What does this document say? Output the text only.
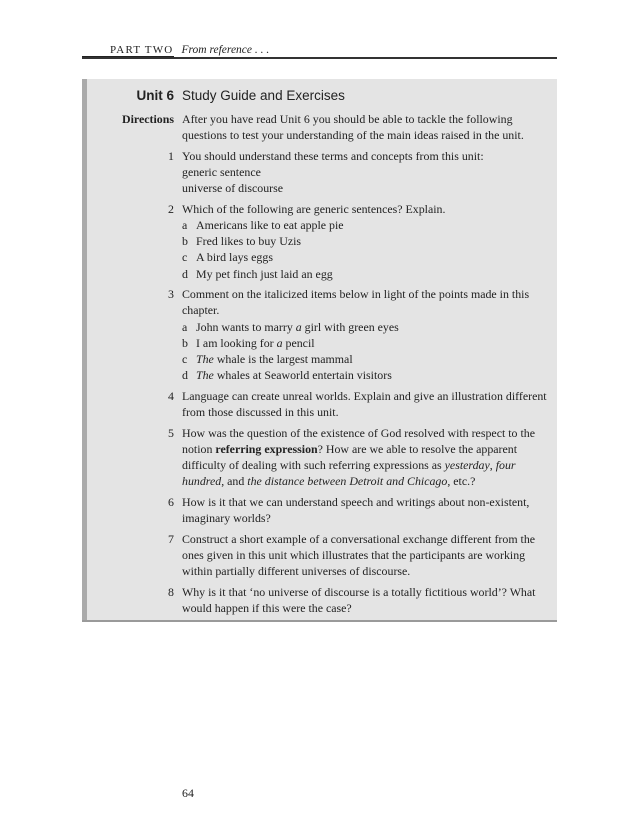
PART TWO From reference . . .
Unit 6 Study Guide and Exercises
Directions After you have read Unit 6 you should be able to tackle the following
questions to test your understanding of the main ideas raised in the unit.
1 You should understand these terms and concepts from this unit:
generic sentence
universe of discourse
2 Which of the following are generic sentences? Explain.
a Americans like to eat apple pie
b Fred likes to buy Uzis
c A bird lays eggs
d My pet finch just laid an egg
3 Comment on the italicized items below in light of the points made in this
chapter.
a John wants to marry a girl with green eyes
b I am looking for a pencil
c The whale is the largest mammal
d The whales at Seaworld entertain visitors
4 Language can create unreal worlds. Explain and give an illustration different
from those discussed in this unit.
5 How was the question of the existence of God resolved with respect to the
notion referring expression? How are we able to resolve the apparent
difficulty of dealing with such referring expressions as yesterday, four
hundred, and the distance between Detroit and Chicago, etc.?
6 How is it that we can understand speech and writings about non-existent,
imaginary worlds?
7 Construct a short example of a conversational exchange different from the
ones given in this unit which illustrates that the participants are working
within partially different universes of discourse.
8 Why is it that ‘no universe of discourse is a totally fictitious world’? What
would happen if this were the case?
64
